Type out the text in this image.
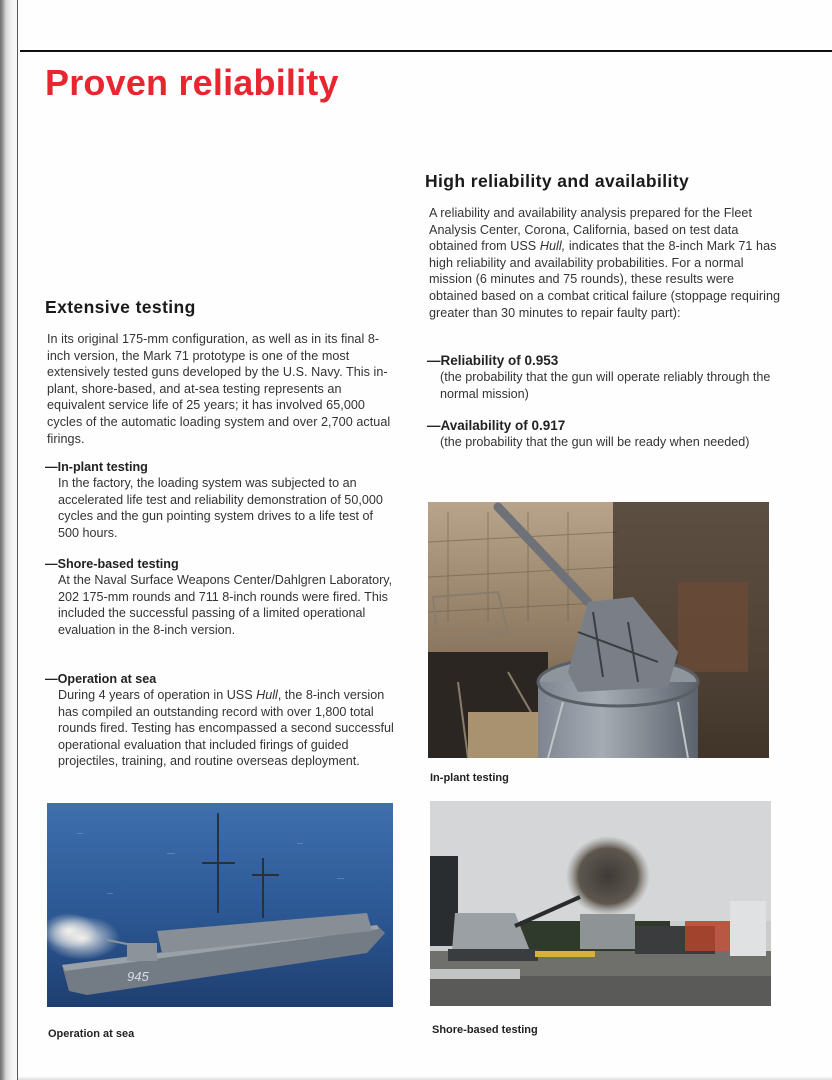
Proven reliability
Extensive testing

In its original 175-mm configuration, as well as in its final 8-inch version, the Mark 71 prototype is one of the most extensively tested guns developed by the U.S. Navy. This in-plant, shore-based, and at-sea testing represents an equivalent service life of 25 years; it has involved 65,000 cycles of the automatic loading system and over 2,700 actual firings.

—In-plant testing
In the factory, the loading system was subjected to an accelerated life test and reliability demonstration of 50,000 cycles and the gun pointing system drives to a life test of 500 hours.
—Shore-based testing
At the Naval Surface Weapons Center/Dahlgren Laboratory, 202 175-mm rounds and 711 8-inch rounds were fired. This included the successful passing of a limited operational evaluation in the 8-inch version.
—Operation at sea
During 4 years of operation in USS Hull, the 8-inch version has compiled an outstanding record with over 1,800 total rounds fired. Testing has encompassed a second successful operational evaluation that included firings of guided projectiles, training, and routine overseas deployment.
High reliability and availability

A reliability and availability analysis prepared for the Fleet Analysis Center, Corona, California, based on test data obtained from USS Hull, indicates that the 8-inch Mark 71 has high reliability and availability probabilities. For a normal mission (6 minutes and 75 rounds), these results were obtained based on a combat critical failure (stoppage requiring greater than 30 minutes to repair faulty part):

—Reliability of 0.953
(the probability that the gun will operate reliably through the normal mission)
—Availability of 0.917
(the probability that the gun will be ready when needed)

In-plant testing

945

Operation at sea	Shore-based testing
